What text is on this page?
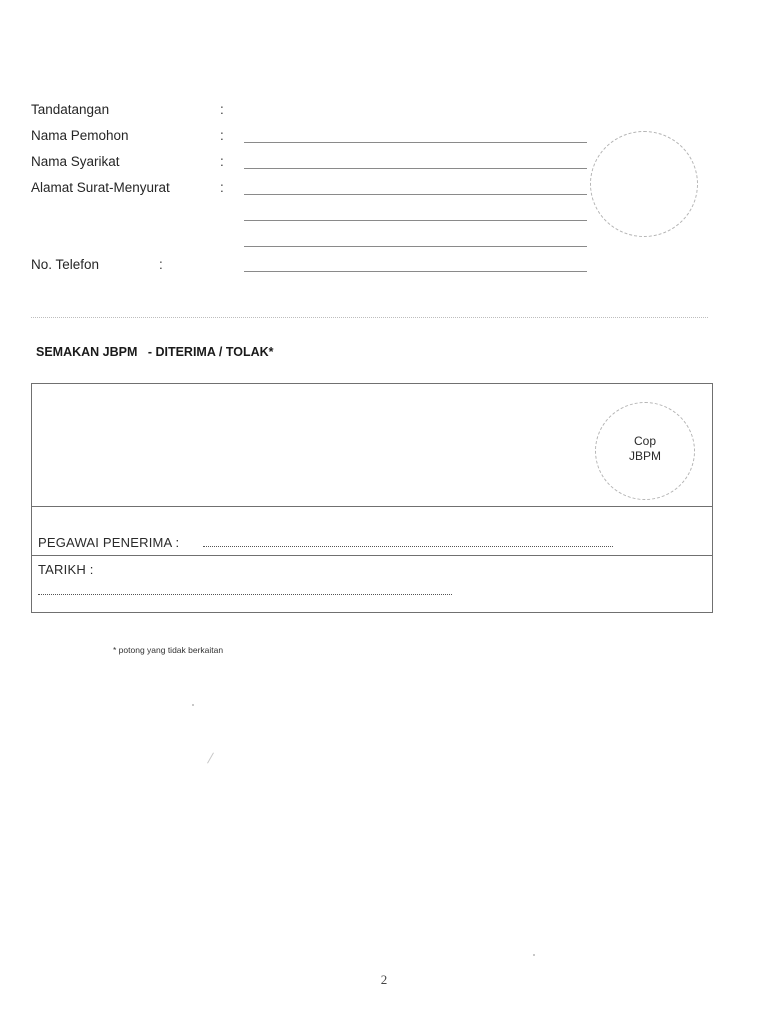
Tandatangan	:
Nama Pemohon	:
Nama Syarikat	:
Alamat Surat-Menyurat	:
No. Telefon	:
SEMAKAN JBPM   - DITERIMA / TOLAK*
Cop
JBPM
PEGAWAI PENERIMA :
TARIKH :
* potong yang tidak berkaitan
2
